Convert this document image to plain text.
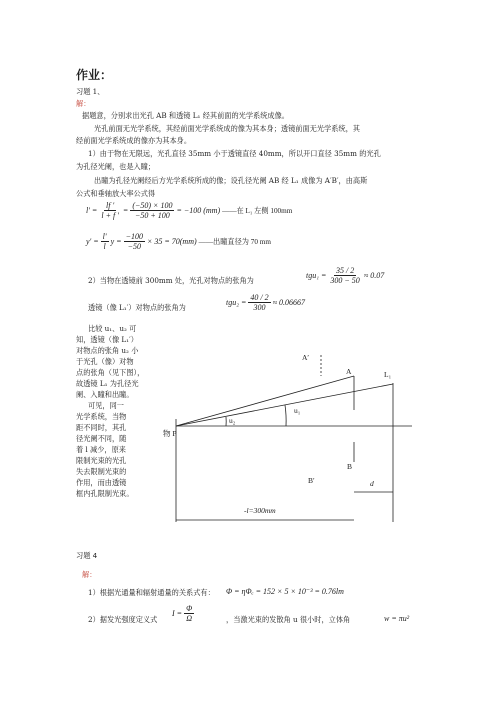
作业：
习题 1、
解：
据题意，分别求出光孔 AB 和透镜 L₁ 经其前面的光学系统成像。
光孔前面无光学系统，其经前面光学系统成的像为其本身；透镜前面无光学系统，其
经前面光学系统成的像亦为其本身。
1）由于物在无限远，光孔直径 35mm 小于透镜直径 40mm，所以开口直径 35mm 的光孔
为孔径光阑，也是入瞳；
出瞳为孔径光阑经后方光学系统所成的像；设孔径光阑 AB 经 L₁ 成像为 A′B′，由高斯
公式和垂轴放大率公式得
$l' = \frac{lf '}{l + f '} = \frac{(-50) \times 100}{-50 + 100} = -100$ (mm) ——在 L₁ 左侧 100mm
$y' = \frac{l'}{l}$ $y = \frac{-100}{-50} \times 35 = 70(mm)$ ——出瞳直径为 70 mm
2）当物在透镜前 300mm 处，光孔对物点的张角为
$tgu_1 = \frac{35 / 2}{300 - 50} \approx 0.07$
透镜（像 L₁′）对物点的张角为
$tgu_2 = \frac{40 / 2}{300} \approx 0.06667$
比较 u₁、u₂ 可
知，透镜（像 L₁′）
对物点的张角 u₂ 小
于光孔（像）对物
点的张角（见下图），
故透镜 L₁ 为孔径光
阑、入瞳和出瞳。
可见，同一
光学系统，当物
距不同时，其孔
径光阑不同，随
着 l 减少，原来
限制光束的光孔
失去限制光束的
作用，而由透镜
框内孔限制光束。
A′
A	L₁
u₁
u₂
物 P
B
B′	d
-l=300mm
习题 4
解：
1）根据光通量和辐射通量的关系式有： Φ = ηΦₑ = 152 × 5 × 10⁻³ = 0.76lm
2）据发光强度定义式
$I = \frac{\Phi}{\Omega}$	，当激光束的发散角 u 很小时，立体角	w = πu²
